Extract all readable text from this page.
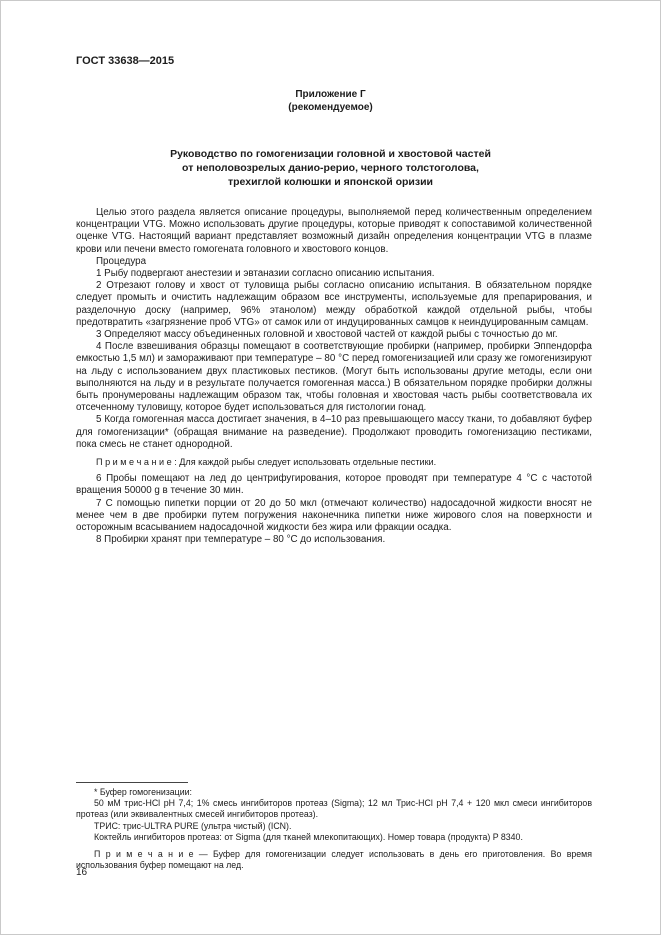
ГОСТ 33638—2015
Приложение Г
(рекомендуемое)
Руководство по гомогенизации головной и хвостовой частей
от неполовозрелых данио-рерио, черного толстоголова,
трехиглой колюшки и японской оризии

Целью этого раздела является описание процедуры, выполняемой перед количественным определением концентрации VTG. Можно использовать другие процедуры, которые приводят к сопоставимой количественной оценке VTG. Настоящий вариант представляет возможный дизайн определения концентрации VTG в плазме крови или печени вместо гомогената головного и хвостового концов.

Процедура

1 Рыбу подвергают анестезии и эвтаназии согласно описанию испытания.

2 Отрезают голову и хвост от туловища рыбы согласно описанию испытания. В обязательном порядке следует промыть и очистить надлежащим образом все инструменты, используемые для препарирования, и разделочную доску (например, 96% этанолом) между обработкой каждой отдельной рыбы, чтобы предотвратить «загрязнение проб VTG» от самок или от индуцированных самцов к неиндуцированным самцам.

3 Определяют массу объединенных головной и хвостовой частей от каждой рыбы с точностью до мг.

4 После взвешивания образцы помещают в соответствующие пробирки (например, пробирки Эппендорфа емкостью 1,5 мл) и замораживают при температуре – 80 °С перед гомогенизацией или сразу же гомогенизируют на льду с использованием двух пластиковых пестиков. (Могут быть использованы другие методы, если они выполняются на льду и в результате получается гомогенная масса.) В обязательном порядке пробирки должны быть пронумерованы надлежащим образом так, чтобы головная и хвостовая часть рыбы соответствовала их отсеченному туловищу, которое будет использоваться для гистологии гонад.

5 Когда гомогенная масса достигает значения, в 4–10 раз превышающего массу ткани, то добавляют буфер для гомогенизации* (обращая внимание на разведение). Продолжают проводить гомогенизацию пестиками, пока смесь не станет однородной.

П р и м е ч а н и е : Для каждой рыбы следует использовать отдельные пестики.

6 Пробы помещают на лед до центрифугирования, которое проводят при температуре 4 °С с частотой вращения 50000 g в течение 30 мин.

7 С помощью пипетки порции от 20 до 50 мкл (отмечают количество) надосадочной жидкости вносят не менее чем в две пробирки путем погружения наконечника пипетки ниже жирового слоя на поверхности и осторожным всасыванием надосадочной жидкости без жира или фракции осадка.

8 Пробирки хранят при температуре – 80 °С до использования.

* Буфер гомогенизации:

50 мМ трис-HCl pH 7,4; 1% смесь ингибиторов протеаз (Sigma); 12 мл Трис-HCl pH 7,4 + 120 мкл смеси ингибиторов протеаз (или эквивалентных смесей ингибиторов протеаз).

ТРИС: трис-ULTRA PURE (ультра чистый) (ICN).

Коктейль ингибиторов протеаз: от Sigma (для тканей млекопитающих). Номер товара (продукта) P 8340.

П р и м е ч а н и е — Буфер для гомогенизации следует использовать в день его приготовления. Во время использования буфер помещают на лед.

16
